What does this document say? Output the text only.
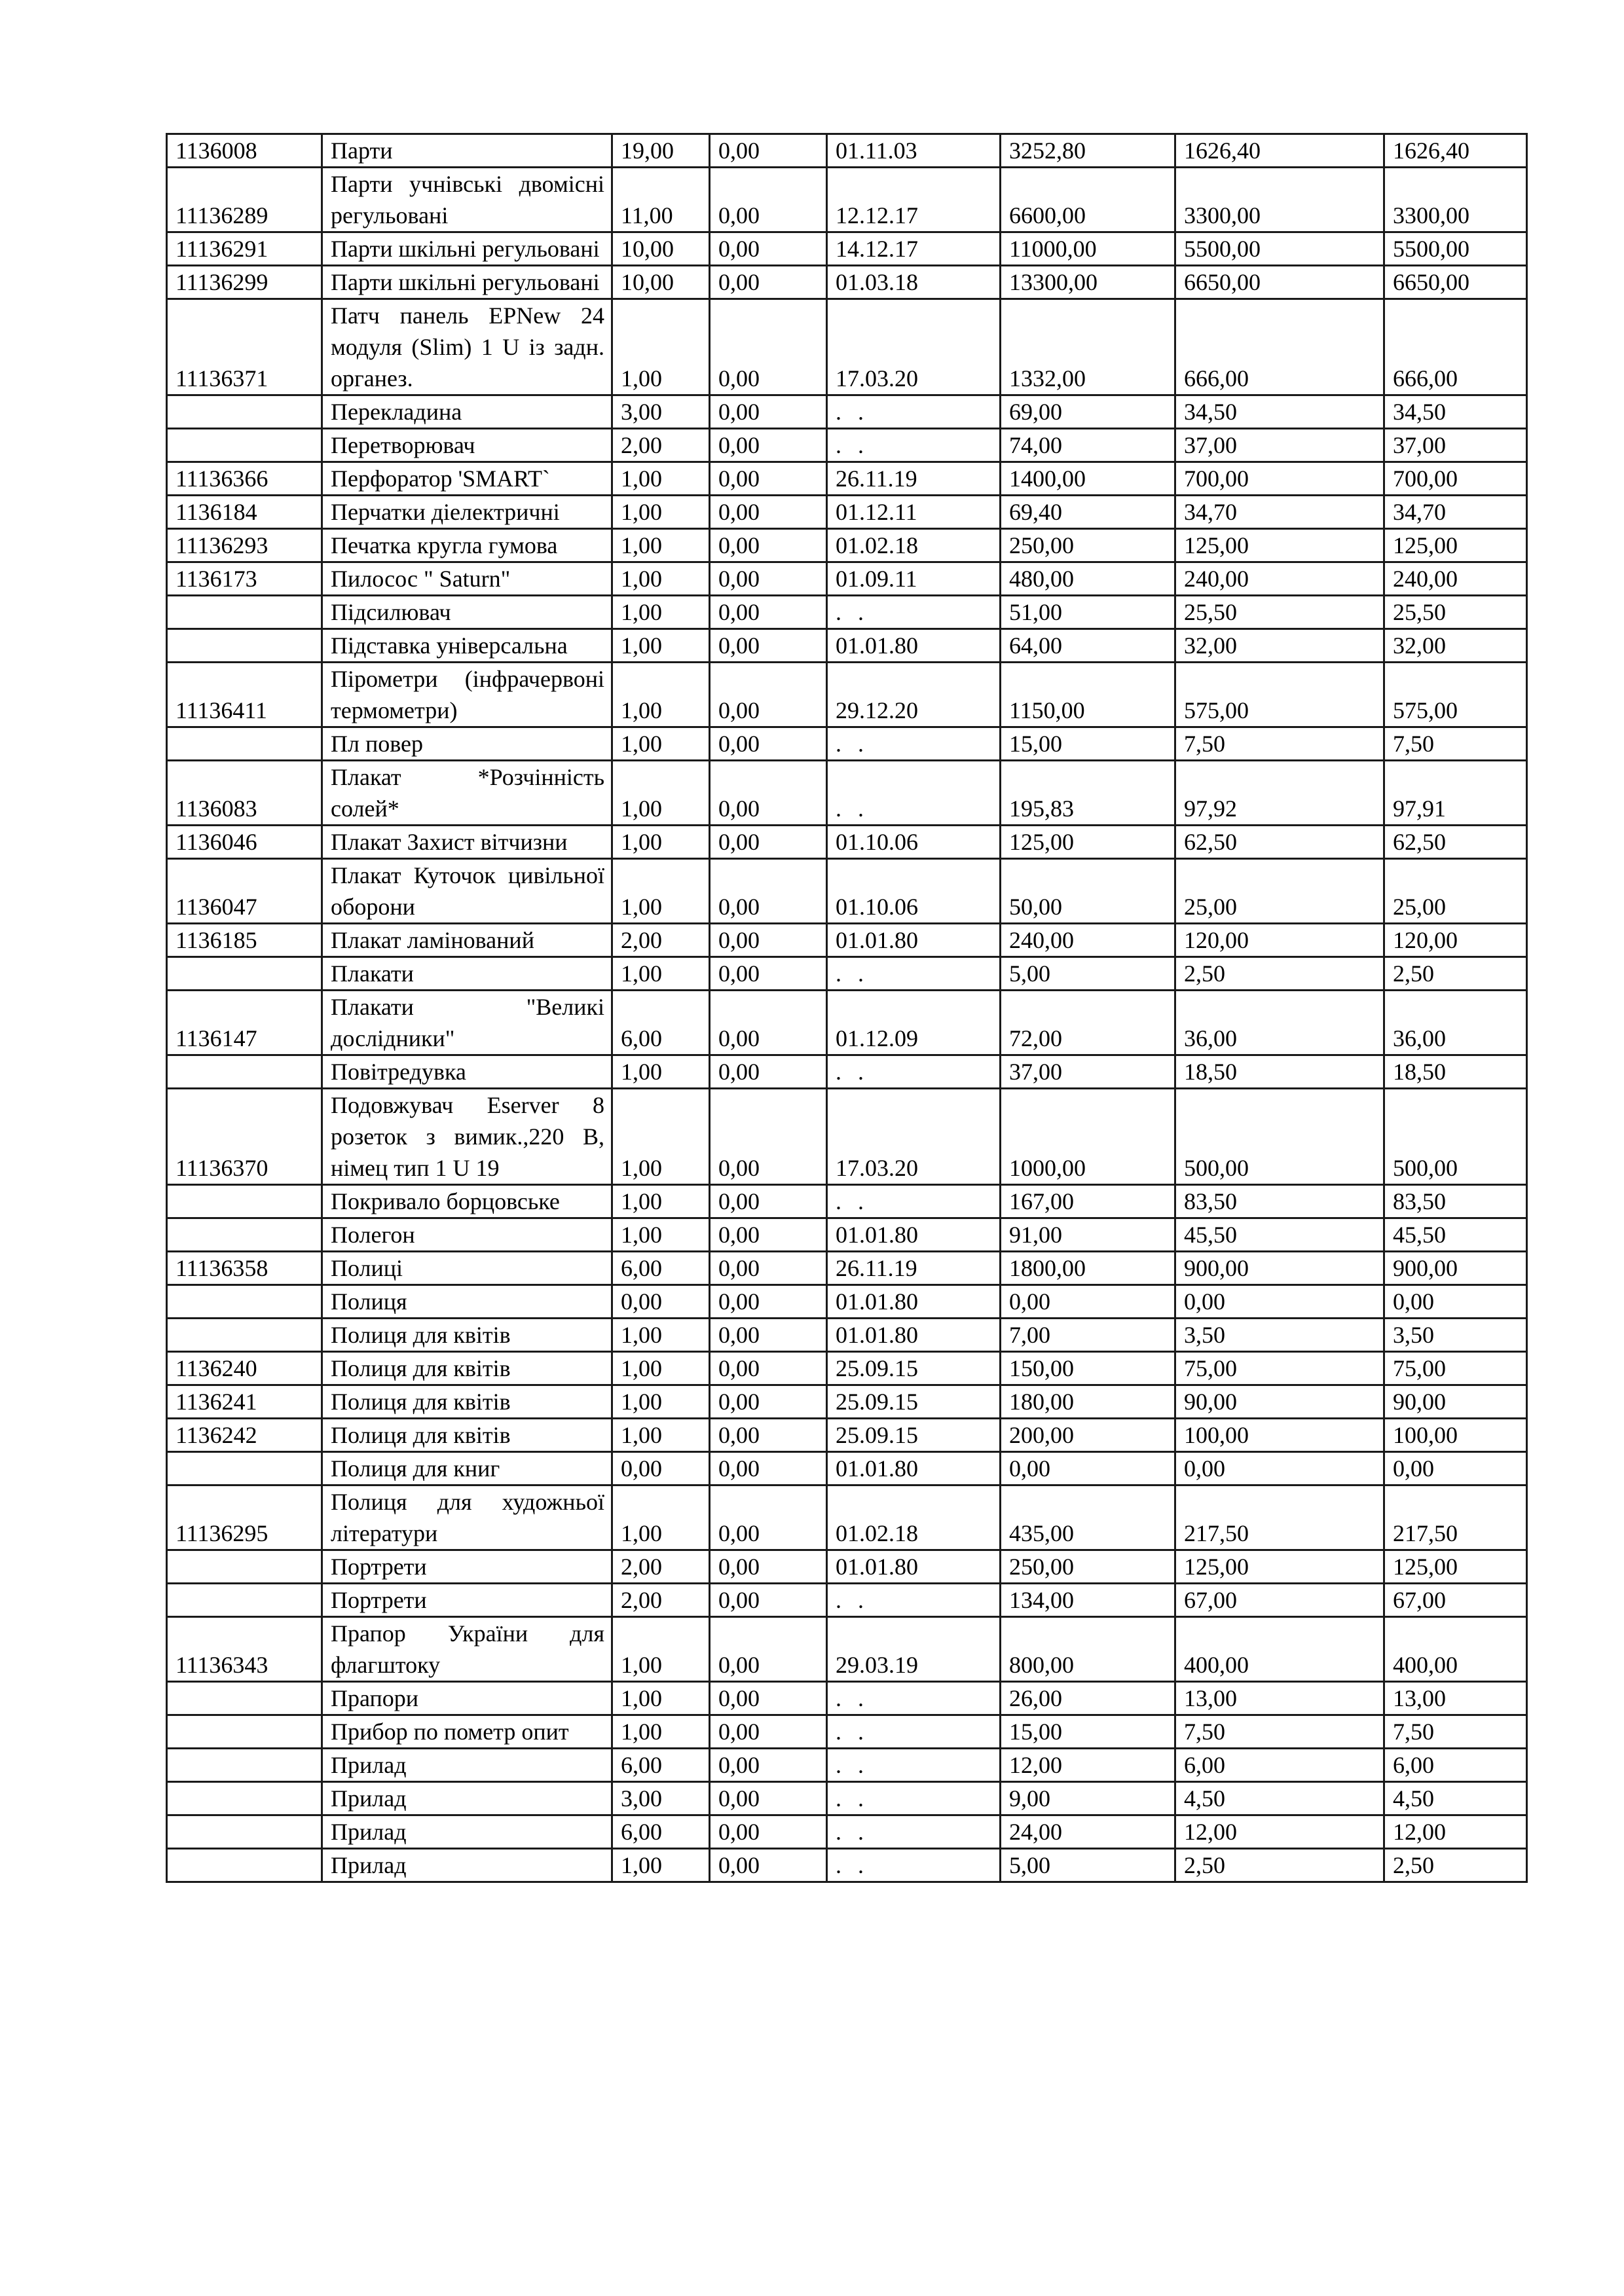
1136008	Парти	19,00	0,00	01.11.03	3252,80	1626,40	1626,40
11136289	Парти учнівські двомісні регульовані	11,00	0,00	12.12.17	6600,00	3300,00	3300,00
11136291	Парти шкільні регульовані	10,00	0,00	14.12.17	11000,00	5500,00	5500,00
11136299	Парти шкільні регульовані	10,00	0,00	01.03.18	13300,00	6650,00	6650,00
11136371	Патч панель EPNew 24 модуля (Slim) 1 U із задн. органез.	1,00	0,00	17.03.20	1332,00	666,00	666,00
	Перекладина	3,00	0,00	. .	69,00	34,50	34,50
	Перетворювач	2,00	0,00	. .	74,00	37,00	37,00
11136366	Перфоратор 'SMART`	1,00	0,00	26.11.19	1400,00	700,00	700,00
1136184	Перчатки діелектричні	1,00	0,00	01.12.11	69,40	34,70	34,70
11136293	Печатка кругла гумова	1,00	0,00	01.02.18	250,00	125,00	125,00
1136173	Пилосос " Saturn"	1,00	0,00	01.09.11	480,00	240,00	240,00
	Підсилювач	1,00	0,00	. .	51,00	25,50	25,50
	Підставка універсальна	1,00	0,00	01.01.80	64,00	32,00	32,00
11136411	Пірометри (інфрачервоні термометри)	1,00	0,00	29.12.20	1150,00	575,00	575,00
	Пл повер	1,00	0,00	. .	15,00	7,50	7,50
1136083	Плакат *Розчінність солей*	1,00	0,00	. .	195,83	97,92	97,91
1136046	Плакат Захист вітчизни	1,00	0,00	01.10.06	125,00	62,50	62,50
1136047	Плакат Куточок цивільної оборони	1,00	0,00	01.10.06	50,00	25,00	25,00
1136185	Плакат ламінований	2,00	0,00	01.01.80	240,00	120,00	120,00
	Плакати	1,00	0,00	. .	5,00	2,50	2,50
1136147	Плакати "Великі дослідники"	6,00	0,00	01.12.09	72,00	36,00	36,00
	Повітредувка	1,00	0,00	. .	37,00	18,50	18,50
11136370	Подовжувач Eserver 8 розеток з вимик.,220 В, німец тип 1 U 19	1,00	0,00	17.03.20	1000,00	500,00	500,00
	Покривало борцовське	1,00	0,00	. .	167,00	83,50	83,50
	Полегон	1,00	0,00	01.01.80	91,00	45,50	45,50
11136358	Полиці	6,00	0,00	26.11.19	1800,00	900,00	900,00
	Полиця	0,00	0,00	01.01.80	0,00	0,00	0,00
	Полиця для квітів	1,00	0,00	01.01.80	7,00	3,50	3,50
1136240	Полиця для квітів	1,00	0,00	25.09.15	150,00	75,00	75,00
1136241	Полиця для квітів	1,00	0,00	25.09.15	180,00	90,00	90,00
1136242	Полиця для квітів	1,00	0,00	25.09.15	200,00	100,00	100,00
	Полиця для книг	0,00	0,00	01.01.80	0,00	0,00	0,00
11136295	Полиця для художньої літератури	1,00	0,00	01.02.18	435,00	217,50	217,50
	Портрети	2,00	0,00	01.01.80	250,00	125,00	125,00
	Портрети	2,00	0,00	. .	134,00	67,00	67,00
11136343	Прапор України для флагштоку	1,00	0,00	29.03.19	800,00	400,00	400,00
	Прапори	1,00	0,00	. .	26,00	13,00	13,00
	Прибор по пометр опит	1,00	0,00	. .	15,00	7,50	7,50
	Прилад	6,00	0,00	. .	12,00	6,00	6,00
	Прилад	3,00	0,00	. .	9,00	4,50	4,50
	Прилад	6,00	0,00	. .	24,00	12,00	12,00
	Прилад	1,00	0,00	. .	5,00	2,50	2,50
